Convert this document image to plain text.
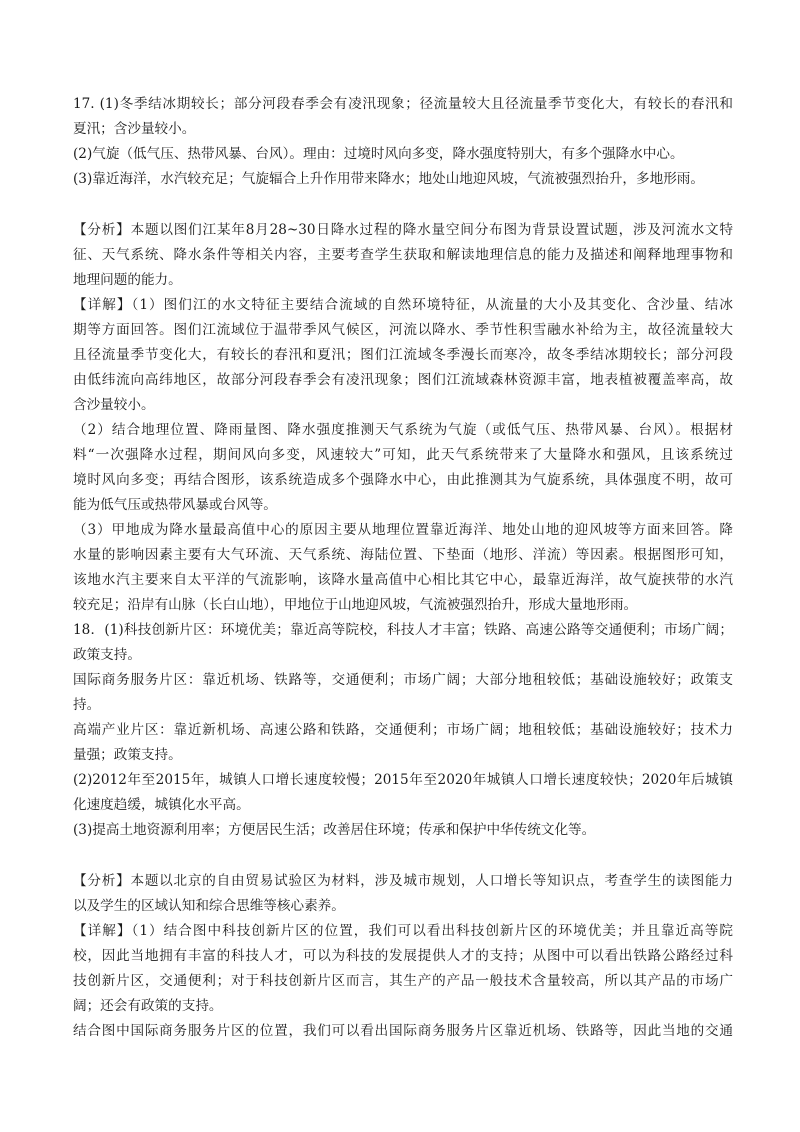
17. (1)冬季结冰期较长；部分河段春季会有凌汛现象；径流量较大且径流量季节变化大，有较长的春汛和
夏汛；含沙量较小。
(2)气旋（低气压、热带风暴、台风）。理由：过境时风向多变，降水强度特别大，有多个强降水中心。
(3)靠近海洋，水汽较充足；气旋辐合上升作用带来降水；地处山地迎风坡，气流被强烈抬升，多地形雨。
【分析】本题以图们江某年8月28~30日降水过程的降水量空间分布图为背景设置试题，涉及河流水文特
征、天气系统、降水条件等相关内容，主要考查学生获取和解读地理信息的能力及描述和阐释地理事物和
地理问题的能力。
【详解】（1）图们江的水文特征主要结合流域的自然环境特征，从流量的大小及其变化、含沙量、结冰
期等方面回答。图们江流域位于温带季风气候区，河流以降水、季节性积雪融水补给为主，故径流量较大
且径流量季节变化大，有较长的春汛和夏汛；图们江流域冬季漫长而寒冷，故冬季结冰期较长；部分河段
由低纬流向高纬地区，故部分河段春季会有凌汛现象；图们江流域森林资源丰富，地表植被覆盖率高，故
含沙量较小。
（2）结合地理位置、降雨量图、降水强度推测天气系统为气旋（或低气压、热带风暴、台风）。根据材
料“一次强降水过程，期间风向多变，风速较大”可知，此天气系统带来了大量降水和强风，且该系统过
境时风向多变；再结合图形，该系统造成多个强降水中心，由此推测其为气旋系统，具体强度不明，故可
能为低气压或热带风暴或台风等。
（3）甲地成为降水量最高值中心的原因主要从地理位置靠近海洋、地处山地的迎风坡等方面来回答。降
水量的影响因素主要有大气环流、天气系统、海陆位置、下垫面（地形、洋流）等因素。根据图形可知，
该地水汽主要来自太平洋的气流影响，该降水量高值中心相比其它中心，最靠近海洋，故气旋挟带的水汽
较充足；沿岸有山脉（长白山地），甲地位于山地迎风坡，气流被强烈抬升，形成大量地形雨。
18．(1)科技创新片区：环境优美；靠近高等院校，科技人才丰富；铁路、高速公路等交通便利；市场广阔；
政策支持。
国际商务服务片区：靠近机场、铁路等，交通便利；市场广阔；大部分地租较低；基础设施较好；政策支
持。
高端产业片区：靠近新机场、高速公路和铁路，交通便利；市场广阔；地租较低；基础设施较好；技术力
量强；政策支持。
(2)2012年至2015年，城镇人口增长速度较慢；2015年至2020年城镇人口增长速度较快；2020年后城镇
化速度趋缓，城镇化水平高。
(3)提高土地资源利用率；方便居民生活；改善居住环境；传承和保护中华传统文化等。
【分析】本题以北京的自由贸易试验区为材料，涉及城市规划，人口增长等知识点，考查学生的读图能力
以及学生的区域认知和综合思维等核心素养。
【详解】（1）结合图中科技创新片区的位置，我们可以看出科技创新片区的环境优美；并且靠近高等院
校，因此当地拥有丰富的科技人才，可以为科技的发展提供人才的支持；从图中可以看出铁路公路经过科
技创新片区，交通便利；对于科技创新片区而言，其生产的产品一般技术含量较高，所以其产品的市场广
阔；还会有政策的支持。
结合图中国际商务服务片区的位置，我们可以看出国际商务服务片区靠近机场、铁路等，因此当地的交通
